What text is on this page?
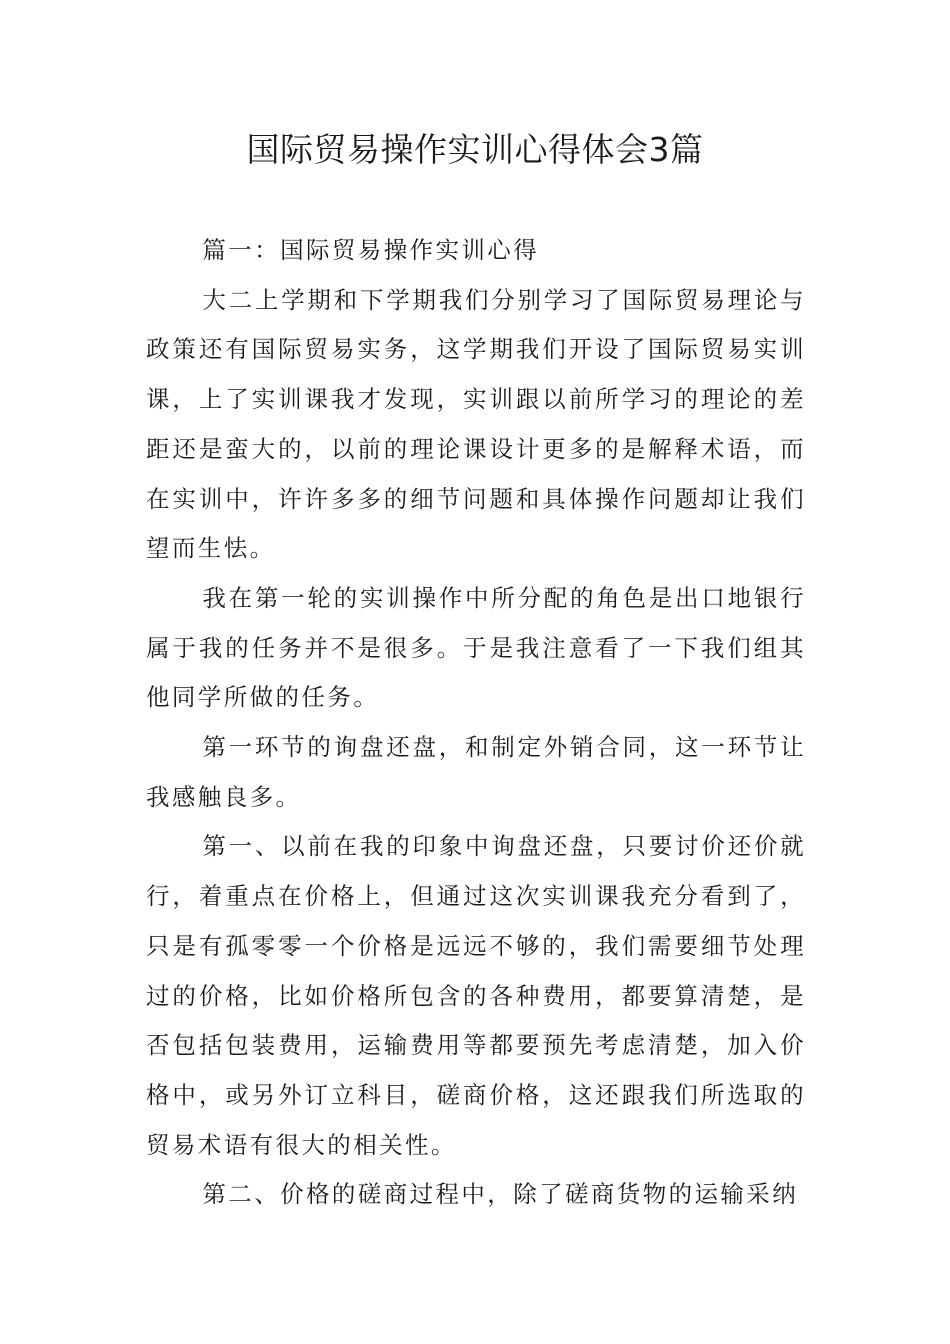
国际贸易操作实训心得体会3篇

篇一：国际贸易操作实训心得

大二上学期和下学期我们分别学习了国际贸易理论与政策还有国际贸易实务，这学期我们开设了国际贸易实训课，上了实训课我才发现，实训跟以前所学习的理论的差距还是蛮大的，以前的理论课设计更多的是解释术语，而在实训中，许许多多的细节问题和具体操作问题却让我们望而生怯。

我在第一轮的实训操作中所分配的角色是出口地银行属于我的任务并不是很多。于是我注意看了一下我们组其他同学所做的任务。

第一环节的询盘还盘，和制定外销合同，这一环节让我感触良多。

第一、以前在我的印象中询盘还盘，只要讨价还价就行，着重点在价格上，但通过这次实训课我充分看到了，只是有孤零零一个价格是远远不够的，我们需要细节处理过的价格，比如价格所包含的各种费用，都要算清楚，是否包括包装费用，运输费用等都要预先考虑清楚，加入价格中，或另外订立科目，磋商价格，这还跟我们所选取的贸易术语有很大的相关性。

第二、价格的磋商过程中，除了磋商货物的运输采纳
